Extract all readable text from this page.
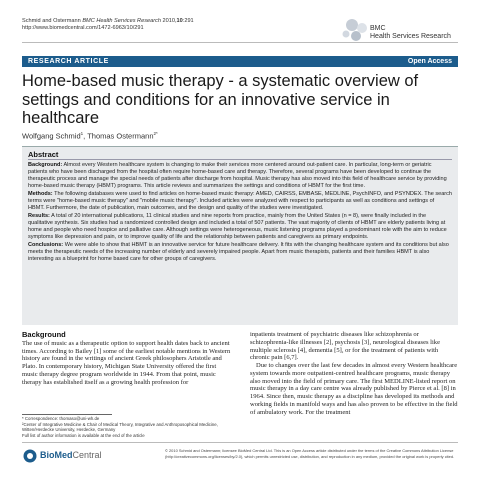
Schmid and Ostermann BMC Health Services Research 2010,10:291
http://www.biomedcentral.com/1472-6963/10/291	BMC
Health Services Research
RESEARCH ARTICLE	Open Access
Home-based music therapy - a systematic overview of settings and conditions for an innovative service in healthcare
Wolfgang Schmid$^1$, Thomas Ostermann$^{2*}$
Abstract

Background: Almost every Western healthcare system is changing to make their services more centered around out-patient care. In particular, long-term or geriatric patients who have been discharged from the hospital often require home-based care and therapy. Therefore, several programs have been developed to continue the therapeutic process and manage the special needs of patients after discharge from hospital. Music therapy has also moved into this field of healthcare service by providing home-based music therapy (HBMT) programs. This article reviews and summarizes the settings and conditions of HBMT for the first time.

Methods: The following databases were used to find articles on home-based music therapy: AMED, CAIRSS, EMBASE, MEDLINE, PsychINFO, and PSYNDEX. The search terms were "home-based music therapy" and "mobile music therapy". Included articles were analyzed with respect to participants as well as conditions and settings of HBMT. Furthermore, the date of publication, main outcomes, and the design and quality of the studies were investigated.

Results: A total of 20 international publications, 11 clinical studies and nine reports from practice, mainly from the United States (n = 8), were finally included in the qualitative synthesis. Six studies had a randomized controlled design and included a total of 507 patients. The vast majority of clients of HBMT are elderly patients living at home and people who need hospice and palliative care. Although settings were heterogeneous, music listening programs played a predominant role with the aim to reduce symptoms like depression and pain, or to improve quality of life and the relationship between patients and caregivers as primary endpoints.

Conclusions: We were able to show that HBMT is an innovative service for future healthcare delivery. It fits with the changing healthcare system and its conditions but also meets the therapeutic needs of the increasing number of elderly and severely impaired people. Apart from music therapists, patients and their families HBMT is also interesting as a blueprint for home based care for other groups of caregivers.

Background

The use of music as a therapeutic option to support health dates back to ancient times. According to Bailey [1] some of the earliest notable mentions in Western history are found in the writings of ancient Greek philosophers Aristotle and Plato. In contemporary history, Michigan State University offered the first music therapy degree program worldwide in 1944. From that point, music therapy has established itself as a growing health profession for

inpatients treatment of psychiatric diseases like schizophrenia or schizophrenia-like illnesses [2], psychosis [3], neurological diseases like multiple sclerosis [4], dementia [5], or for the treatment of patients with chronic pain [6,7].

Due to changes over the last few decades in almost every Western healthcare system towards more outpatient-centred healthcare programs, music therapy also moved into the field of primary care. The first MEDLINE-listed report on music therapy in a day care centre was already published by Pierce et al. [8] in 1964. Since then, music therapy as a discipline has developed its methods and working fields in manifold ways and has also proven to be effective in the field of ambulatory work. For the treatment

* Correspondence: thomaso@uni-wh.de
²Center of Integrative Medicine & Chair of Medical Theory, Integrative and Anthroposophical Medicine, Witten/Herdecke University, Herdecke, Germany
Full list of author information is available at the end of the article
BioMedCentral	© 2010 Schmid and Ostermann; licensee BioMed Central Ltd. This is an Open Access article distributed under the terms of the Creative Commons Attribution License (http://creativecommons.org/licenses/by/2.0), which permits unrestricted use, distribution, and reproduction in any medium, provided the original work is properly cited.
